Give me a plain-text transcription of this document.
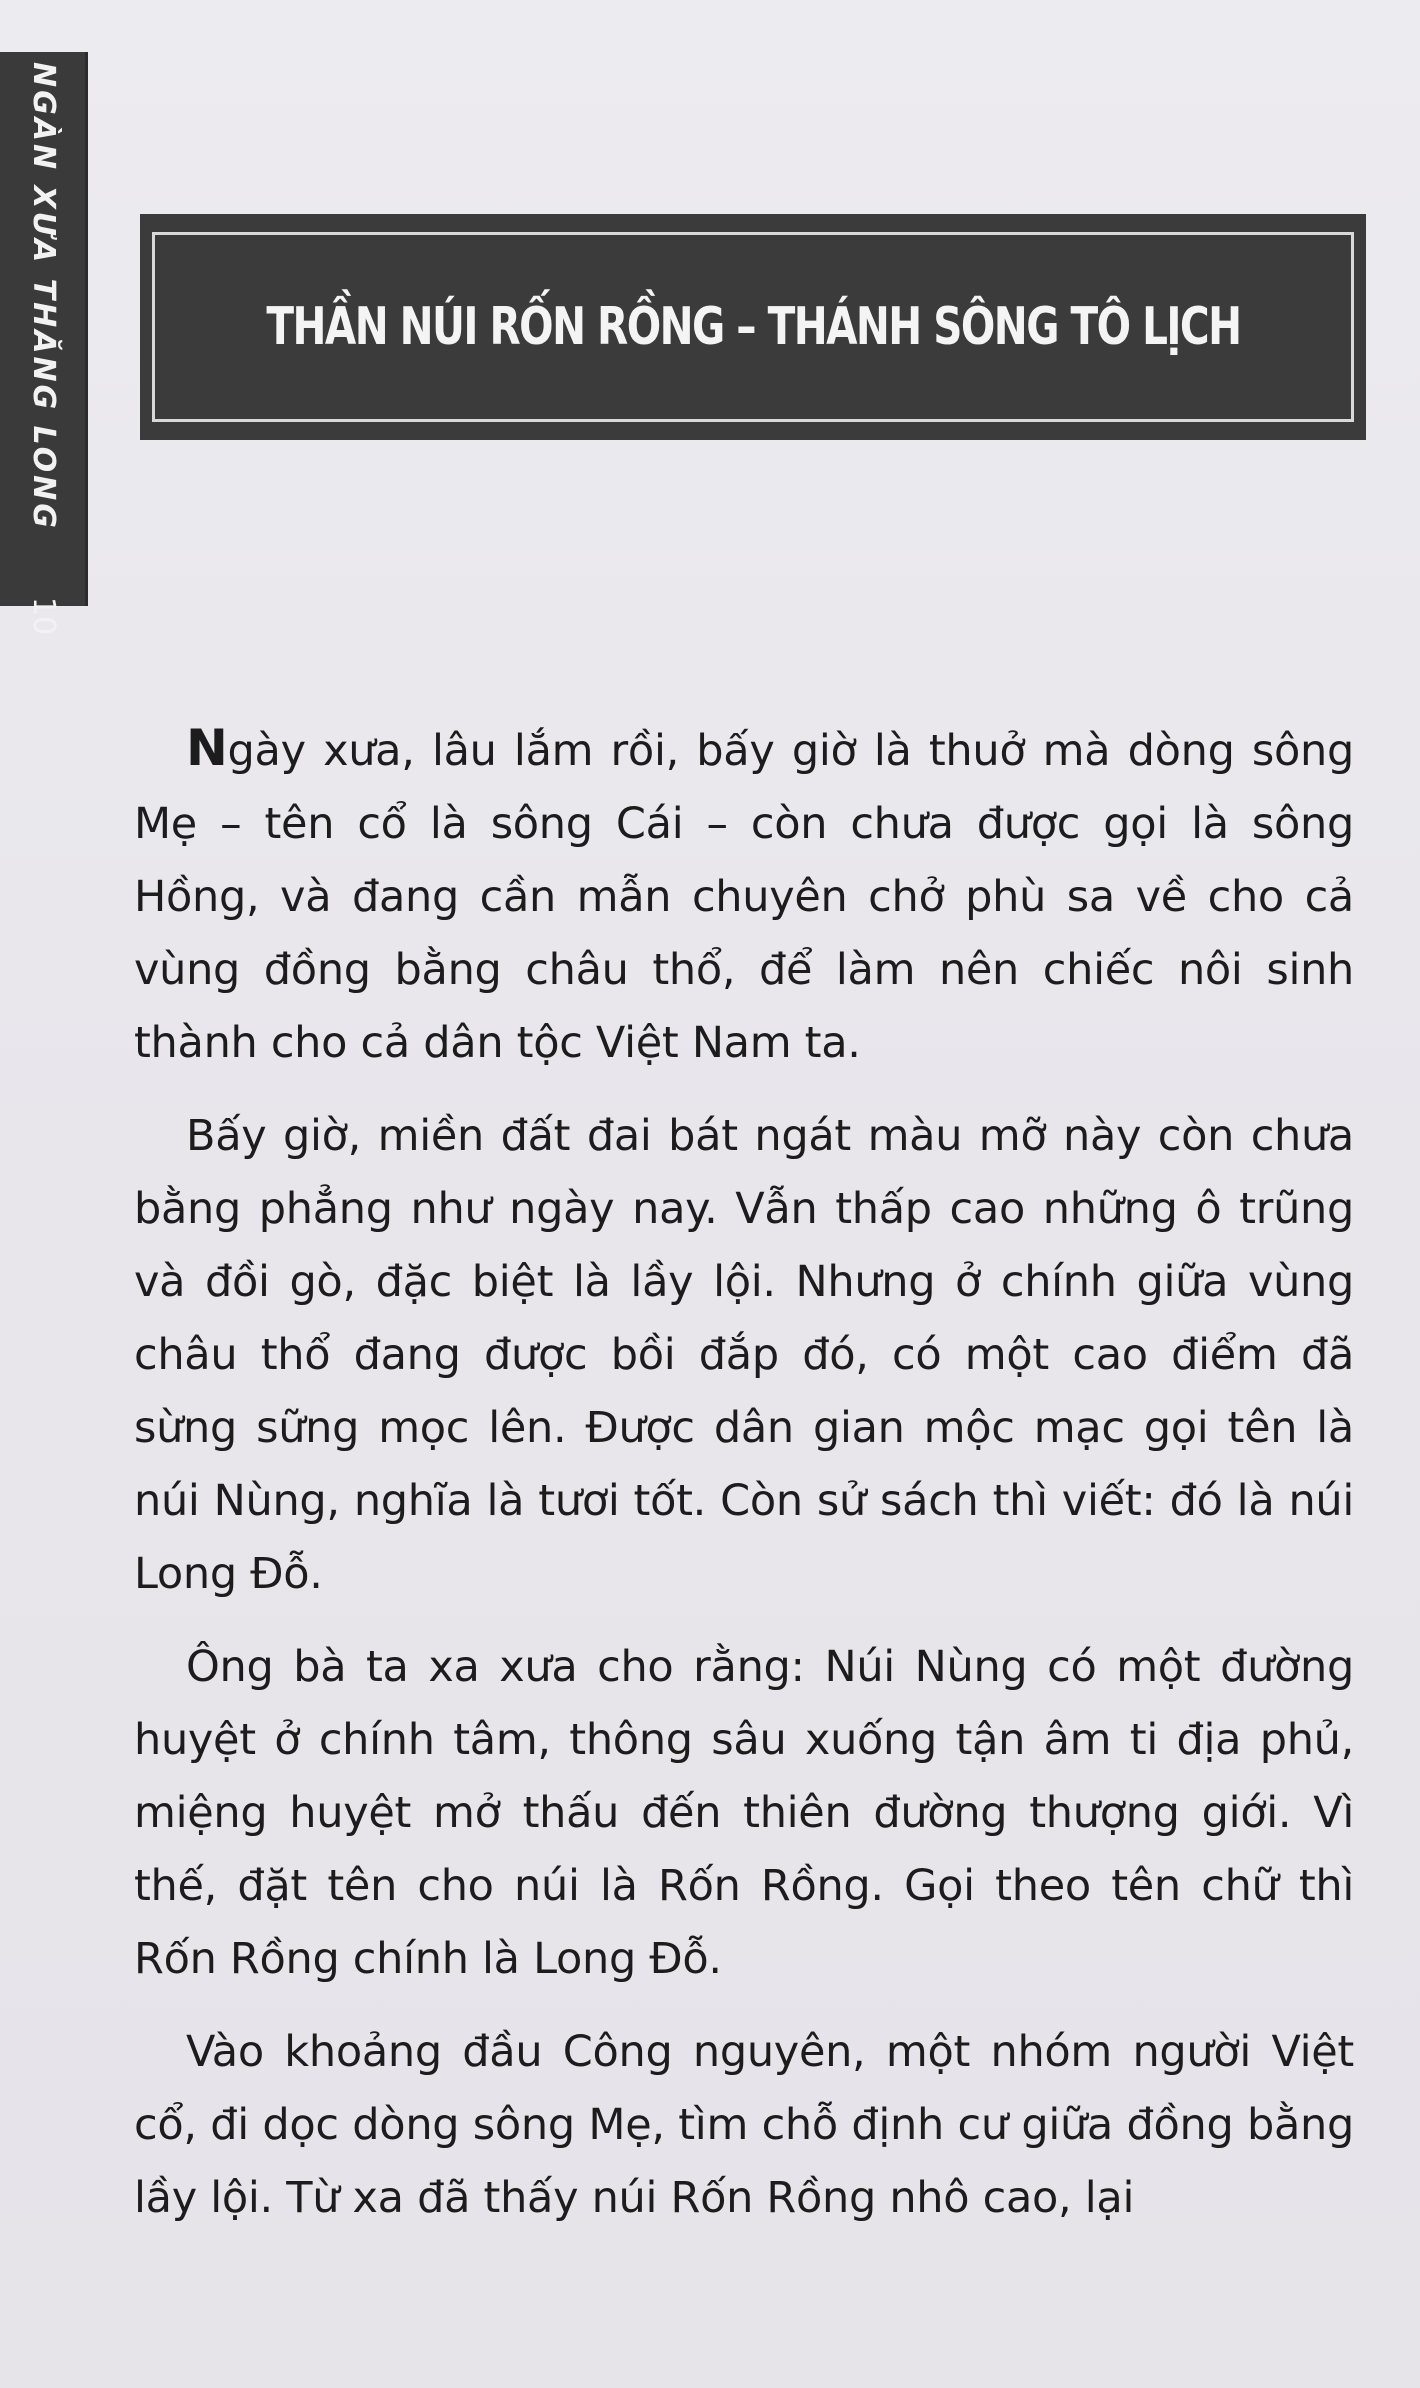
NGÀN XƯA THĂNG LONG
10
THẦN NÚI RỐN RỒNG – THÁNH SÔNG TÔ LỊCH

Ngày xưa, lâu lắm rồi, bấy giờ là thuở mà dòng sông Mẹ – tên cổ là sông Cái – còn chưa được gọi là sông Hồng, và đang cần mẫn chuyên chở phù sa về cho cả vùng đồng bằng châu thổ, để làm nên chiếc nôi sinh thành cho cả dân tộc Việt Nam ta.

Bấy giờ, miền đất đai bát ngát màu mỡ này còn chưa bằng phẳng như ngày nay. Vẫn thấp cao những ô trũng và đồi gò, đặc biệt là lầy lội. Nhưng ở chính giữa vùng châu thổ đang được bồi đắp đó, có một cao điểm đã sừng sững mọc lên. Được dân gian mộc mạc gọi tên là núi Nùng, nghĩa là tươi tốt. Còn sử sách thì viết: đó là núi Long Đỗ.

Ông bà ta xa xưa cho rằng: Núi Nùng có một đường huyệt ở chính tâm, thông sâu xuống tận âm ti địa phủ, miệng huyệt mở thấu đến thiên đường thượng giới. Vì thế, đặt tên cho núi là Rốn Rồng. Gọi theo tên chữ thì Rốn Rồng chính là Long Đỗ.

Vào khoảng đầu Công nguyên, một nhóm người Việt cổ, đi dọc dòng sông Mẹ, tìm chỗ định cư giữa đồng bằng lầy lội. Từ xa đã thấy núi Rốn Rồng nhô cao, lại
